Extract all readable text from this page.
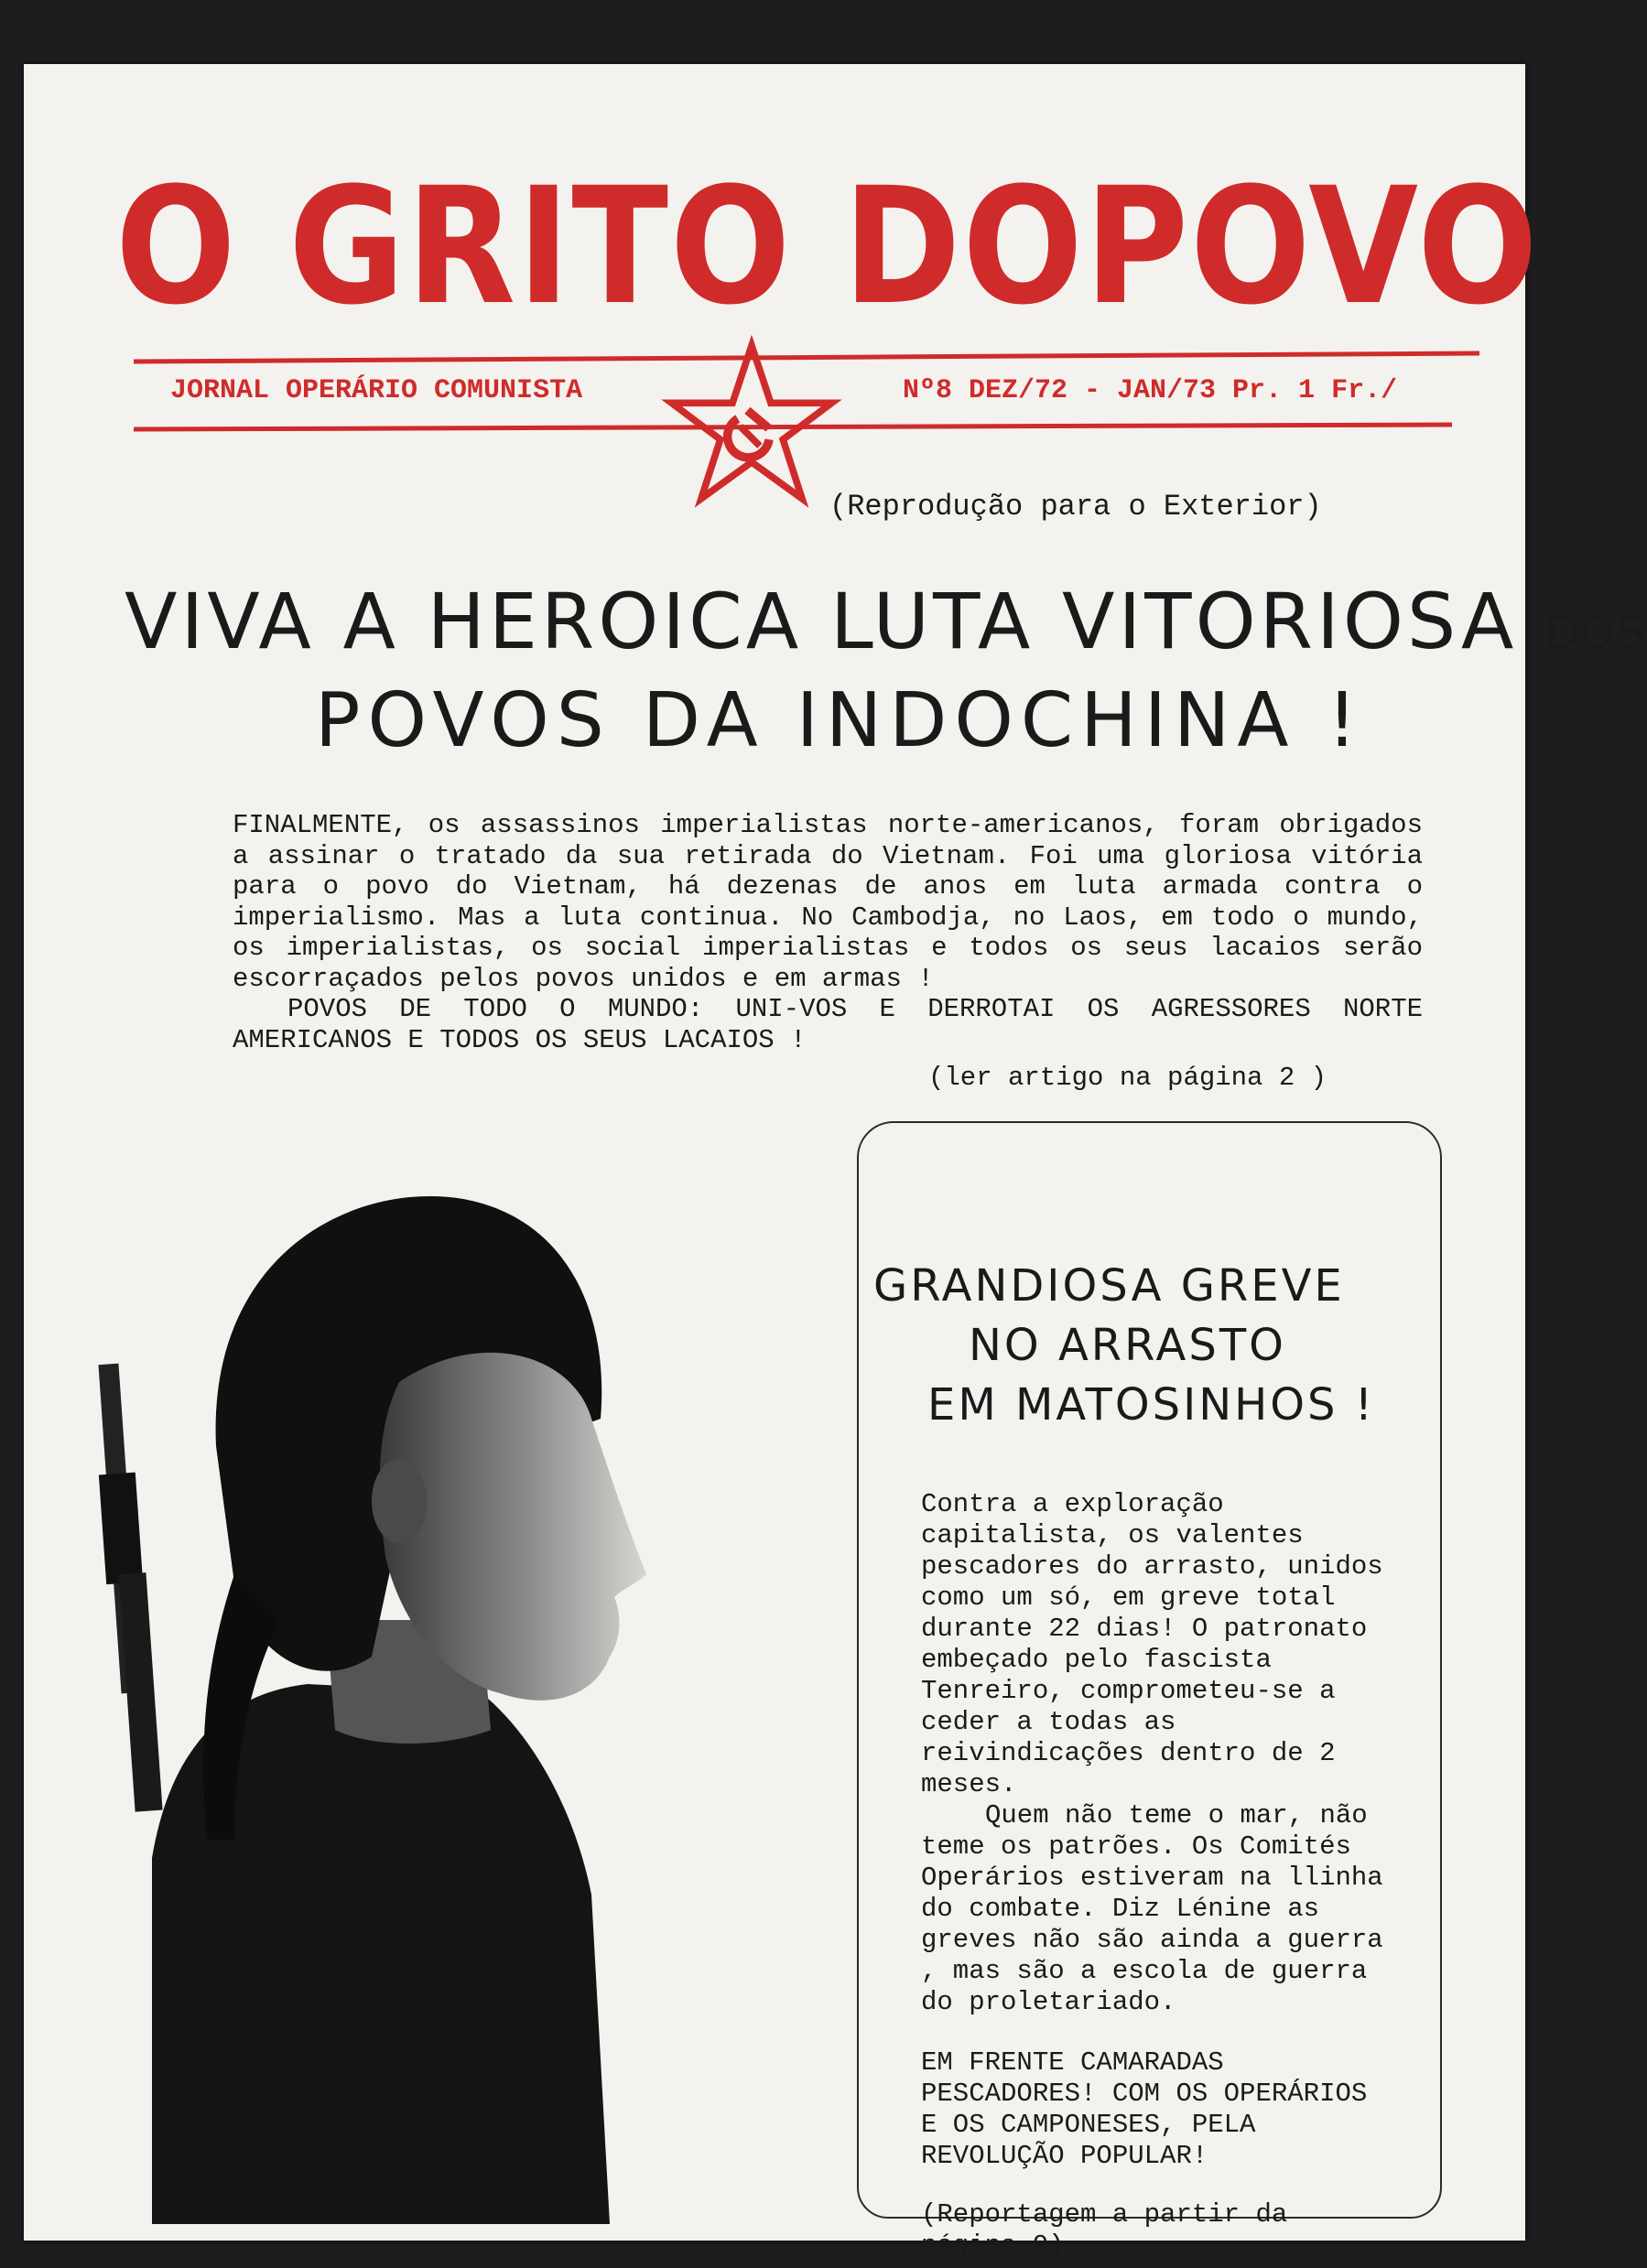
O GRITO DOPOVO
JORNAL OPERÁRIO COMUNISTA	Nº8 DEZ/72 - JAN/73 Pr. 1 Fr./
(Reprodução para o Exterior)
VIVA A HEROICA LUTA VITORIOSA DOS
POVOS DA INDOCHINA !

FINALMENTE, os assassinos imperialistas norte-americanos, foram obrigados a assinar o tratado da sua retirada do Vietnam. Foi uma gloriosa vitória para o povo do Vietnam, há dezenas de anos em luta armada contra o imperialismo. Mas a luta continua. No Cambodja, no Laos, em todo o mundo, os imperialistas, os social imperialistas e todos os seus lacaios serão escorraçados pelos povos unidos e em armas !

POVOS DE TODO O MUNDO: UNI-VOS E DERROTAI OS AGRESSORES NORTE AMERICANOS E TODOS OS SEUS LACAIOS !

(ler artigo na página 2 )

GRANDIOSA GREVE
NO ARRASTO
EM MATOSINHOS !

Contra a exploração capitalista, os valentes pescadores do arrasto, unidos como um só, em greve total durante 22 dias! O patronato embeçado pelo fascista Tenreiro, comprometeu-se a ceder a todas as reivindicações dentro de 2 meses.

Quem não teme o mar, não teme os patrões. Os Comités Operários estiveram na llinha do combate. Diz Lénine as greves não são ainda a guerra , mas são a escola de guerra do proletariado.

EM FRENTE CAMARADAS PESCADORES! COM OS OPERÁRIOS E OS CAMPONESES, PELA REVOLUÇÃO POPULAR!

(Reportagem a partir da página 9)
